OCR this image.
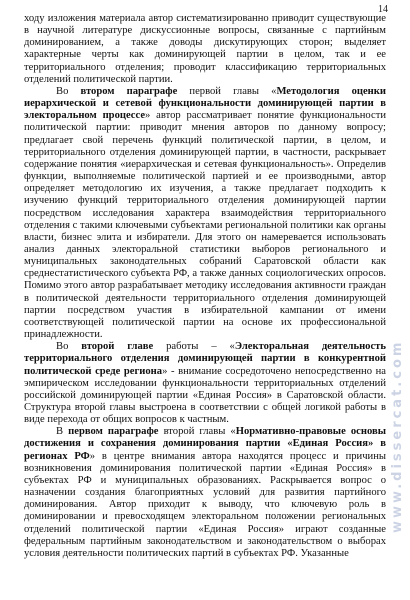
14

ходу изложения материала автор систематизированно приводит существующие в научной литературе дискуссионные вопросы, связанные с партийным доминированием, а также доводы дискутирующих сторон; выделяет характерные черты как доминирующей партии в целом, так и ее территориального отделения; проводит классификацию территориальных отделений политической партии.

Во втором параграфе первой главы «Методология оценки иерархической и сетевой функциональности доминирующей партии в электоральном процессе» автор рассматривает понятие функциональности политической партии: приводит мнения авторов по данному вопросу; предлагает свой перечень функций политической партии, в целом, и территориального отделения доминирующей партии, в частности, раскрывает содержание понятия «иерархическая и сетевая функциональность». Определив функции, выполняемые политической партией и ее производными, автор определяет методологию их изучения, а также предлагает подходить к изучению функций территориального отделения доминирующей партии посредством исследования характера взаимодействия территориального отделения с такими ключевыми субъектами региональной политики как органы власти, бизнес элита и избиратели. Для этого он намеревается использовать анализ данных электоральной статистики выборов регионального и муниципальных законодательных собраний Саратовской области как среднестатистического субъекта РФ, а также данных социологических опросов. Помимо этого автор разрабатывает методику исследования активности граждан в политической деятельности территориального отделения доминирующей партии посредством участия в избирательной кампании от имени соответствующей политической партии на основе их профессиональной принадлежности.

Во второй главе работы – «Электоральная деятельность территориального отделения доминирующей партии в конкурентной политической среде региона» - внимание сосредоточено непосредственно на эмпирическом исследовании функциональности территориальных отделений российской доминирующей партии «Единая Россия» в Саратовской области. Структура второй главы выстроена в соответствии с общей логикой работы в виде перехода от общих вопросов к частным.

В первом параграфе второй главы «Нормативно-правовые основы достижения и сохранения доминирования партии «Единая Россия» в регионах РФ» в центре внимания автора находятся процесс и причины возникновения доминирования политической партии «Единая Россия» в субъектах РФ и муниципальных образованиях. Раскрывается вопрос о назначении создания благоприятных условий для развития партийного доминирования. Автор приходит к выводу, что ключевую роль в доминировании и превосходящем электоральном положении региональных отделений политической партии «Единая Россия» играют созданные федеральным партийным законодательством и законодательством о выборах условия деятельности политических партий в субъектах РФ. Указанные

www.dissercat.com
